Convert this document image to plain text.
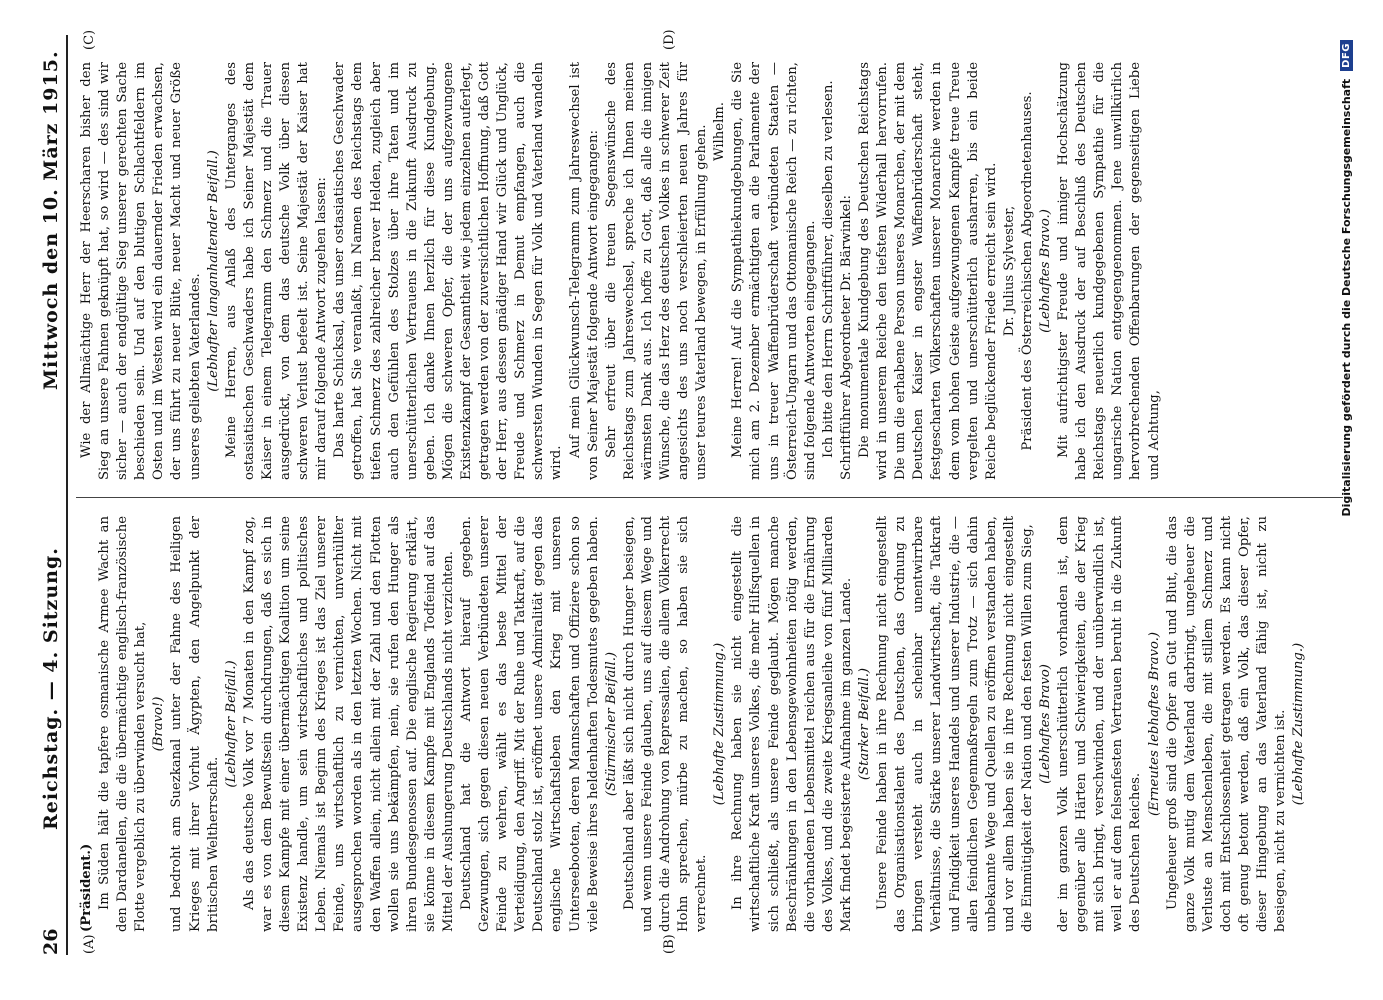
26
Reichstag. — 4. Sitzung.
Mittwoch den 10. März 1915.
(A)	(B)
(C)	(D)

(Präsident.) Im Süden hält die tapfere osmanische Armee Wacht an den Dardanellen, die die übermächtige englisch-französische Flotte vergeblich zu überwinden versucht hat, (Bravo!) und bedroht am Suezkanal unter der Fahne des Heiligen Krieges mit ihrer Vorhut Ägypten, den Angelpunkt der britischen Weltherrschaft.

(Lebhafter Beifall.) Als das deutsche Volk vor 7 Monaten in den Kampf zog, war es von dem Bewußtsein durchdrungen, daß es sich in diesem Kampfe mit einer übermächtigen Koalition um seine Existenz handle, um sein wirtschaftliches und politisches Leben. Niemals ist Beginn des Krieges ist das Ziel unserer Feinde, uns wirtschaftlich zu vernichten, unverhüllter ausgesprochen worden als in den letzten Wochen. Nicht mit den Waffen allein, nicht allein mit der Zahl und den Flotten wollen sie uns bekämpfen, nein, sie rufen den Hunger als ihren Bundesgenossen auf. Die englische Regierung erklärt, sie könne in diesem Kampfe mit Englands Todfeind auf das Mittel der Aushungerung Deutschlands nicht verzichten. Deutschland hat die Antwort hierauf gegeben. Gezwungen, sich gegen diesen neuen Verbündeten unserer Feinde zu wehren, wählt es das beste Mittel der Verteidigung, den Angriff. Mit der Ruhe und Tatkraft, auf die Deutschland stolz ist, eröffnet unsere Admiralität gegen das englische Wirtschaftsleben den Krieg mit unseren Unterseebooten, deren Mannschaften und Offiziere schon so viele Beweise ihres heldenhaften Todesmutes gegeben haben. (Stürmischer Beifall.) Deutschland aber läßt sich nicht durch Hunger besiegen, und wenn unsere Feinde glauben, uns auf diesem Wege und durch die Androhung von Repressalien, die allem Völkerrecht Hohn sprechen, mürbe zu machen, so haben sie sich verrechnet.

(Lebhafte Zustimmung.) In ihre Rechnung haben sie nicht eingestellt die wirtschaftliche Kraft unseres Volkes, die mehr Hilfsquellen in sich schließt, als unsere Feinde geglaubt. Mögen manche Beschränkungen in den Lebensgewohnheiten nötig werden, die vorhandenen Lebensmittel reichen aus für die Ernährung des Volkes, und die zweite Kriegsanleihe von fünf Milliarden Mark findet begeisterte Aufnahme im ganzen Lande. (Starker Beifall.) Unsere Feinde haben in ihre Rechnung nicht eingestellt das Organisationstalent des Deutschen, das Ordnung zu bringen versteht auch in scheinbar unentwirrbare Verhältnisse, die Stärke unserer Landwirtschaft, die Tatkraft und Findigkeit unseres Handels und unserer Industrie, die — allen feindlichen Gegenmaßregeln zum Trotz — sich dahin unbekannte Wege und Quellen zu eröffnen verstanden haben, und vor allem haben sie in ihre Rechnung nicht eingestellt die Einmütigkeit der Nation und den festen Willen zum Sieg, (Lebhaftes Bravo) der im ganzen Volk unerschütterlich vorhanden ist, dem gegenüber alle Härten und Schwierigkeiten, die der Krieg mit sich bringt, verschwinden, und der unüberwindlich ist, weil er auf dem felsenfesten Vertrauen beruht in die Zukunft des Deutschen Reiches.

(Erneutes lebhaftes Bravo.) Ungeheuer groß sind die Opfer an Gut und Blut, die das ganze Volk mutig dem Vaterland darbringt, ungeheuer die Verluste an Menschenleben, die mit stillem Schmerz und doch mit Entschlossenheit getragen werden. Es kann nicht oft genug betont werden, daß ein Volk, das dieser Opfer, dieser Hingebung an das Vaterland fähig ist, nicht zu besiegen, nicht zu vernichten ist. (Lebhafte Zustimmung.)

Wie der Allmächtige Herr der Heerscharen bisher den Sieg an unsere Fahnen geknüpft hat, so wird — des sind wir sicher — auch der endgültige Sieg unserer gerechten Sache beschieden sein. Und auf den blutigen Schlachtfeldern im Osten und im Westen wird ein dauernder Frieden erwachsen, der uns führt zu neuer Blüte, neuer Macht und neuer Größe unseres geliebten Vaterlandes. (Lebhafter langanhaltender Beifall.) Meine Herren, aus Anlaß des Unterganges des ostasiatischen Geschwaders habe ich Seiner Majestät dem Kaiser in einem Telegramm den Schmerz und die Trauer ausgedrückt, von dem das deutsche Volk über diesen schweren Verlust befeelt ist. Seine Majestät der Kaiser hat mir darauf folgende Antwort zugehen lassen: Das harte Schicksal, das unser ostasiatisches Geschwader getroffen, hat Sie veranlaßt, im Namen des Reichstags dem tiefen Schmerz des zahlreicher braver Helden, zugleich aber auch den Gefühlen des Stolzes über ihre Taten und im unerschütterlichen Vertrauens in die Zukunft Ausdruck zu geben. Ich danke Ihnen herzlich für diese Kundgebung. Mögen die schweren Opfer, die der uns aufgezwungene Existenzkampf der Gesamtheit wie jedem einzelnen auferlegt, getragen werden von der zuversichtlichen Hoffnung, daß Gott der Herr, aus dessen gnädiger Hand wir Glück und Unglück, Freude und Schmerz in Demut empfangen, auch die schwersten Wunden in Segen für Volk und Vaterland wandeln wird.

Auf mein Glückwunsch-Telegramm zum Jahreswechsel ist von Seiner Majestät folgende Antwort eingegangen: Sehr erfreut über die treuen Segenswünsche des Reichstags zum Jahreswechsel, spreche ich Ihnen meinen wärmsten Dank aus. Ich hoffe zu Gott, daß alle die innigen Wünsche, die das Herz des deutschen Volkes in schwerer Zeit angesichts des uns noch verschleierten neuen Jahres für unser teures Vaterland bewegen, in Erfüllung gehen. Wilhelm. Meine Herren! Auf die Sympathiekundgebungen, die Sie mich am 2. Dezember ermächtigten an die Parlamente der uns in treuer Waffenbrüderschaft verbündeten Staaten — Österreich-Ungarn und das Ottomanische Reich — zu richten, sind folgende Antworten eingegangen. Ich bitte den Herrn Schriftführer, dieselben zu verlesen. Schriftführer Abgeordneter Dr. Bärwinkel: Die monumentale Kundgebung des Deutschen Reichstags wird in unserem Reiche den tiefsten Widerhall hervorrufen. Die um die erhabene Person unseres Monarchen, der mit dem Deutschen Kaiser in engster Waffenbrüderschaft steht, festgescharten Völkerschaften unserer Monarchie werden in dem vom hohen Geiste aufgezwungenen Kampfe treue Treue vergelten und unerschütterlich ausharren, bis ein beide Reiche beglückender Friede erreicht sein wird. Dr. Julius Sylvester, Präsident des Österreichischen Abgeordnetenhauses. (Lebhaftes Bravo.) Mit aufrichtigster Freude und inniger Hochschätzung habe ich den Ausdruck der auf Beschluß des Deutschen Reichstags neuerlich kundgegebenen Sympathie für die ungarische Nation entgegengenommen. Jene unwillkürlich hervorbrechenden Offenbarungen der gegenseitigen Liebe und Achtung,	Digitalisierung gefördert durch die Deutsche Forschungsgemeinschaft
DFG
